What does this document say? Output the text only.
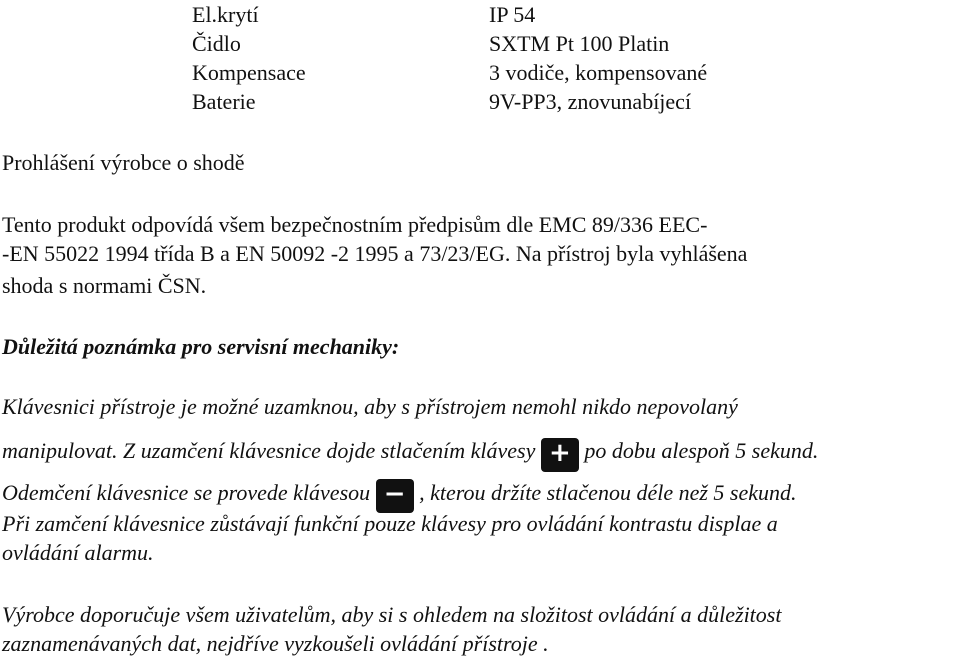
El.krytí	IP 54
Čidlo	SXTM Pt 100 Platin
Kompensace	3 vodiče, kompensované
Baterie	9V-PP3, znovunabíjecí
Prohlášení výrobce o shodě
Tento produkt odpovídá všem bezpečnostním předpisům dle EMC 89/336 EEC-
-EN 55022 1994 třída B a EN 50092 -2 1995 a 73/23/EG. Na přístroj byla vyhlášena
shoda s normami ČSN.
Důležitá poznámka pro servisní mechaniky:
Klávesnici přístroje je možné uzamknou, aby s přístrojem nemohl nikdo nepovolaný
manipulovat. Z uzamčení klávesnice dojde stlačením klávesy + po dobu alespoň 5 sekund.
Odemčení klávesnice se provede klávesou − , kterou držíte stlačenou déle než 5 sekund.
Při zamčení klávesnice zůstávají funkční pouze klávesy pro ovládání kontrastu displae a
ovládání alarmu.
Výrobce doporučuje všem uživatelům, aby si s ohledem na složitost ovládání a důležitost
zaznamenávaných dat, nejdříve vyzkoušeli ovládání přístroje .
